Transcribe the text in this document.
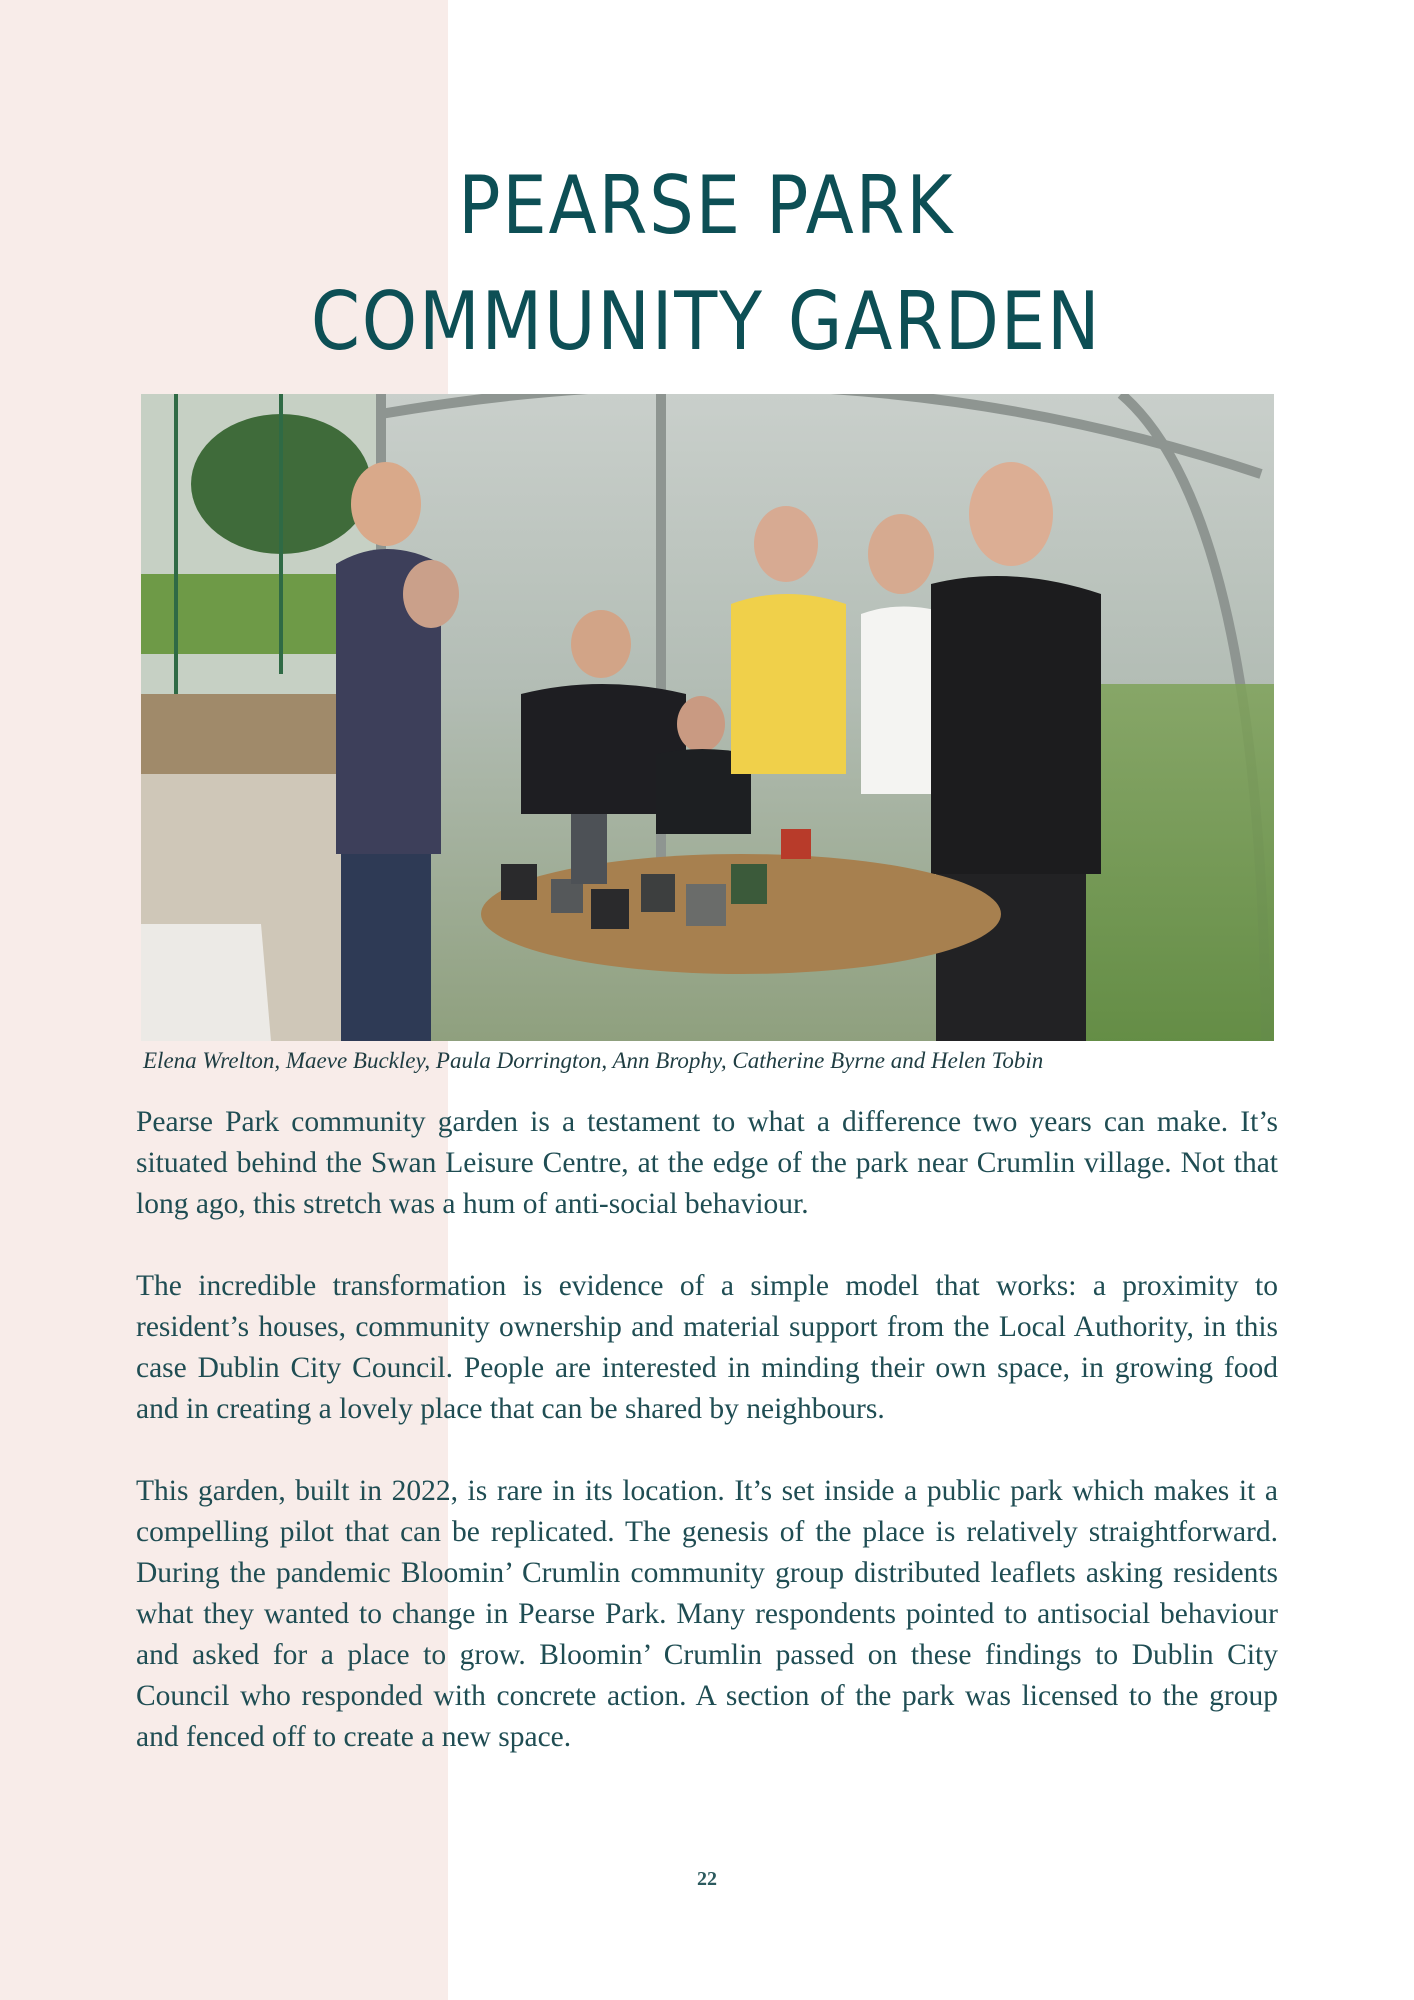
PEARSE PARK
COMMUNITY GARDEN

Elena Wrelton, Maeve Buckley, Paula Dorrington, Ann Brophy, Catherine Byrne and Helen Tobin

Pearse Park community garden is a testament to what a difference two years can make. It’s situated behind the Swan Leisure Centre, at the edge of the park near Crumlin village. Not that long ago, this stretch was a hum of anti-social behaviour.

The incredible transformation is evidence of a simple model that works: a proximity to resident’s houses, community ownership and material support from the Local Authority, in this case Dublin City Council. People are interested in minding their own space, in growing food and in creating a lovely place that can be shared by neighbours.

This garden, built in 2022, is rare in its location. It’s set inside a public park which makes it a compelling pilot that can be replicated. The genesis of the place is relatively straightforward. During the pandemic Bloomin’ Crumlin community group distributed leaflets asking residents what they wanted to change in Pearse Park. Many respondents pointed to antisocial behaviour and asked for a place to grow. Bloomin’ Crumlin passed on these findings to Dublin City Council who responded with concrete action. A section of the park was licensed to the group and fenced off to create a new space.

22
